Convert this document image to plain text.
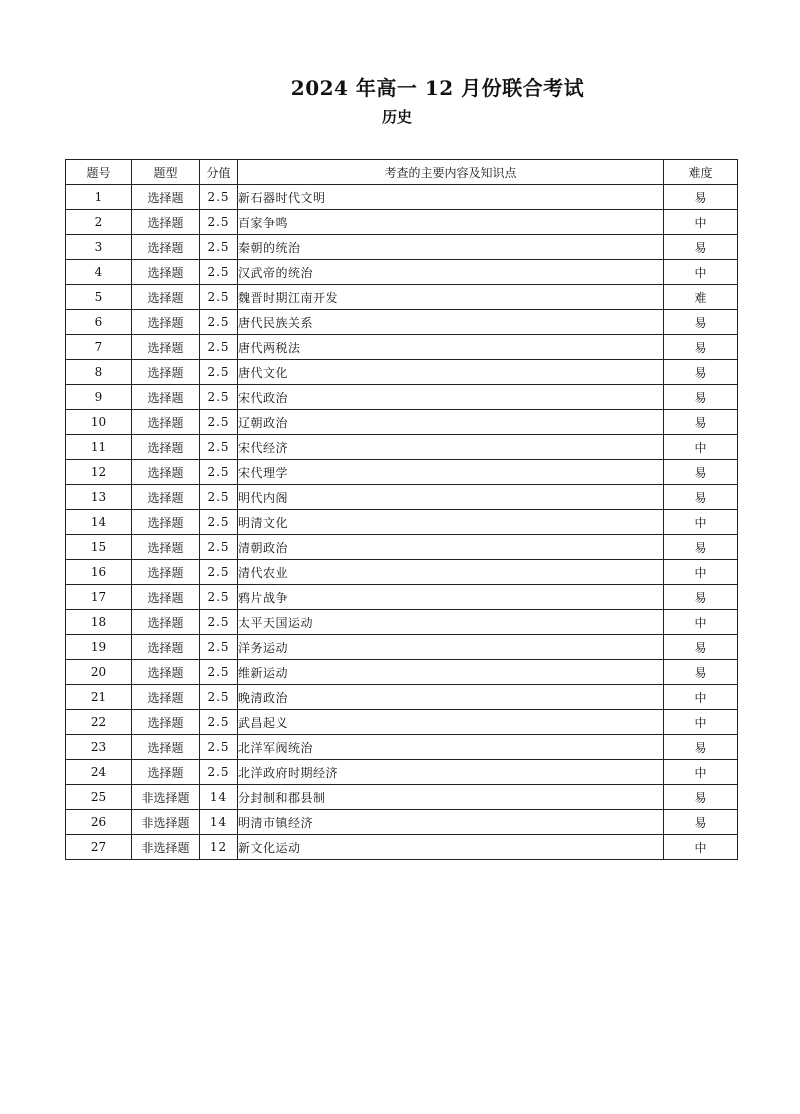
2024 年高一 12 月份联合考试
历史
题号	题型	分值	考查的主要内容及知识点	难度
1	选择题	2.5	新石器时代文明	易
2	选择题	2.5	百家争鸣	中
3	选择题	2.5	秦朝的统治	易
4	选择题	2.5	汉武帝的统治	中
5	选择题	2.5	魏晋时期江南开发	难
6	选择题	2.5	唐代民族关系	易
7	选择题	2.5	唐代两税法	易
8	选择题	2.5	唐代文化	易
9	选择题	2.5	宋代政治	易
10	选择题	2.5	辽朝政治	易
11	选择题	2.5	宋代经济	中
12	选择题	2.5	宋代理学	易
13	选择题	2.5	明代内阁	易
14	选择题	2.5	明清文化	中
15	选择题	2.5	清朝政治	易
16	选择题	2.5	清代农业	中
17	选择题	2.5	鸦片战争	易
18	选择题	2.5	太平天国运动	中
19	选择题	2.5	洋务运动	易
20	选择题	2.5	维新运动	易
21	选择题	2.5	晚清政治	中
22	选择题	2.5	武昌起义	中
23	选择题	2.5	北洋军阀统治	易
24	选择题	2.5	北洋政府时期经济	中
25	非选择题	14	分封制和郡县制	易
26	非选择题	14	明清市镇经济	易
27	非选择题	12	新文化运动	中
